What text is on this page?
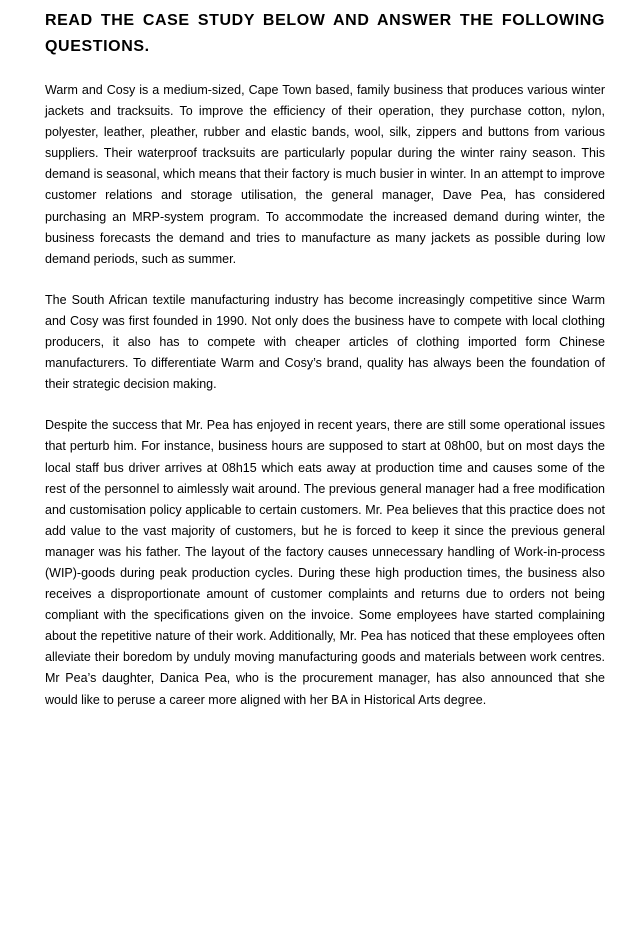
READ THE CASE STUDY BELOW AND ANSWER THE FOLLOWING QUESTIONS.

Warm and Cosy is a medium-sized, Cape Town based, family business that produces various winter jackets and tracksuits. To improve the efficiency of their operation, they purchase cotton, nylon, polyester, leather, pleather, rubber and elastic bands, wool, silk, zippers and buttons from various suppliers. Their waterproof tracksuits are particularly popular during the winter rainy season. This demand is seasonal, which means that their factory is much busier in winter. In an attempt to improve customer relations and storage utilisation, the general manager, Dave Pea, has considered purchasing an MRP-system program. To accommodate the increased demand during winter, the business forecasts the demand and tries to manufacture as many jackets as possible during low demand periods, such as summer.

The South African textile manufacturing industry has become increasingly competitive since Warm and Cosy was first founded in 1990. Not only does the business have to compete with local clothing producers, it also has to compete with cheaper articles of clothing imported form Chinese manufacturers. To differentiate Warm and Cosy’s brand, quality has always been the foundation of their strategic decision making.

Despite the success that Mr. Pea has enjoyed in recent years, there are still some operational issues that perturb him. For instance, business hours are supposed to start at 08h00, but on most days the local staff bus driver arrives at 08h15 which eats away at production time and causes some of the rest of the personnel to aimlessly wait around. The previous general manager had a free modification and customisation policy applicable to certain customers. Mr. Pea believes that this practice does not add value to the vast majority of customers, but he is forced to keep it since the previous general manager was his father. The layout of the factory causes unnecessary handling of Work-in-process (WIP)-goods during peak production cycles. During these high production times, the business also receives a disproportionate amount of customer complaints and returns due to orders not being compliant with the specifications given on the invoice. Some employees have started complaining about the repetitive nature of their work. Additionally, Mr. Pea has noticed that these employees often alleviate their boredom by unduly moving manufacturing goods and materials between work centres. Mr Pea’s daughter, Danica Pea, who is the procurement manager, has also announced that she would like to peruse a career more aligned with her BA in Historical Arts degree.
